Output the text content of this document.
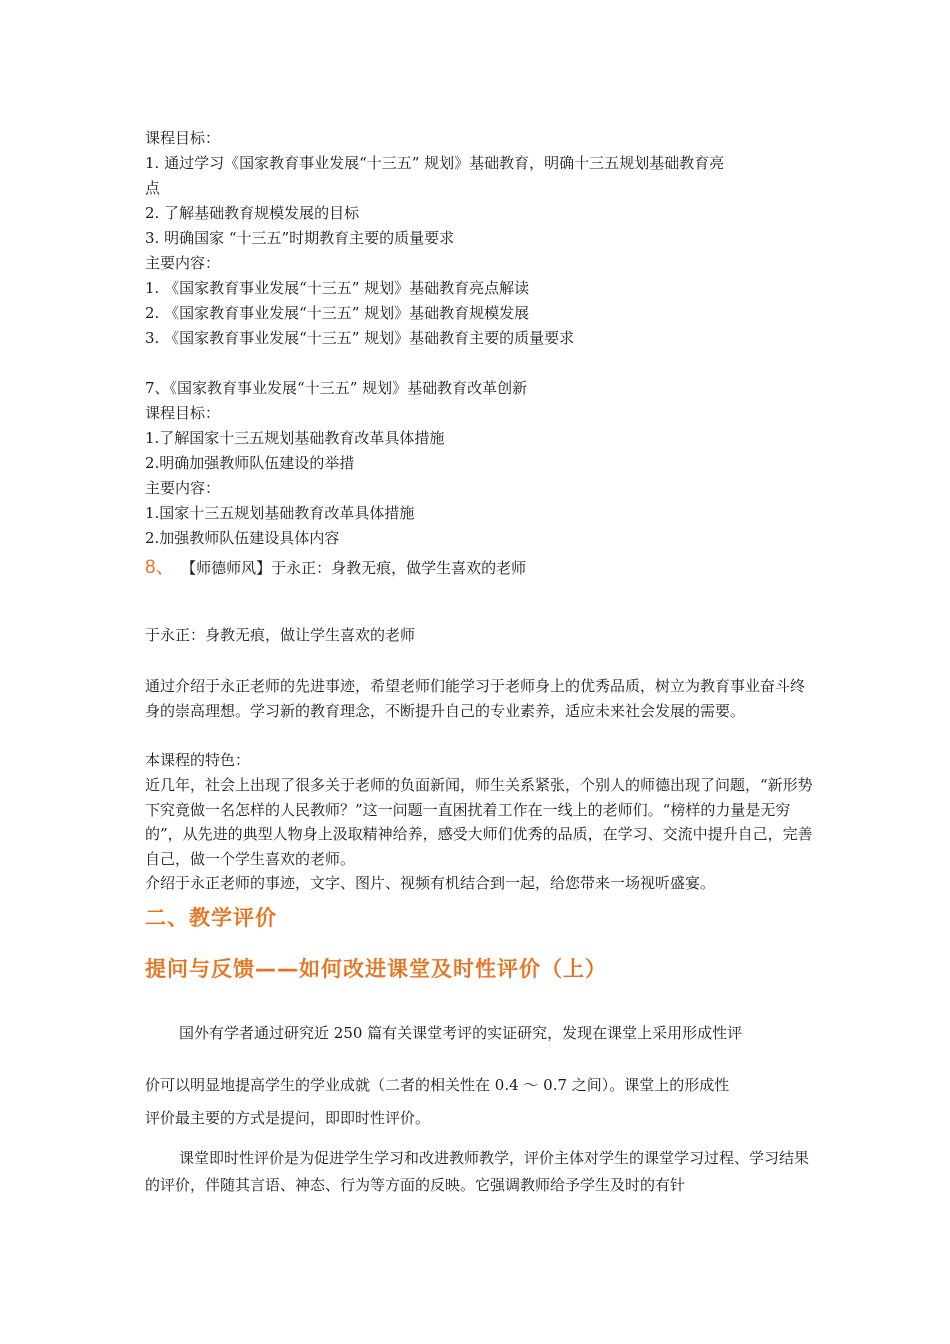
课程目标：
1. 通过学习《国家教育事业发展“十三五” 规划》基础教育，明确十三五规划基础教育亮
点
2. 了解基础教育规模发展的目标
3. 明确国家 “十三五”时期教育主要的质量要求
主要内容：
1. 《国家教育事业发展“十三五” 规划》基础教育亮点解读
2. 《国家教育事业发展“十三五” 规划》基础教育规模发展
3. 《国家教育事业发展“十三五” 规划》基础教育主要的质量要求
7、《国家教育事业发展“十三五” 规划》基础教育改革创新
课程目标：
1.了解国家十三五规划基础教育改革具体措施
2.明确加强教师队伍建设的举措
主要内容：
1.国家十三五规划基础教育改革具体措施
2.加强教师队伍建设具体内容
8、 【师德师风】于永正：身教无痕，做学生喜欢的老师
于永正：身教无痕，做让学生喜欢的老师
通过介绍于永正老师的先进事迹，希望老师们能学习于老师身上的优秀品质，树立为教育事业奋斗终身的崇高理想。学习新的教育理念，不断提升自己的专业素养，适应未来社会发展的需要。
本课程的特色：
近几年，社会上出现了很多关于老师的负面新闻，师生关系紧张，个别人的师德出现了问题，“新形势下究竟做一名怎样的人民教师？”这一问题一直困扰着工作在一线上的老师们。“榜样的力量是无穷的”，从先进的典型人物身上汲取精神给养，感受大师们优秀的品质，在学习、交流中提升自己，完善自己，做一个学生喜欢的老师。
介绍于永正老师的事迹，文字、图片、视频有机结合到一起，给您带来一场视听盛宴。
二、教学评价
提问与反馈——如何改进课堂及时性评价（上）
国外有学者通过研究近 250 篇有关课堂考评的实证研究，发现在课堂上采用形成性评
价可以明显地提高学生的学业成就（二者的相关性在 0.4 ～ 0.7 之间）。课堂上的形成性
评价最主要的方式是提问，即即时性评价。
课堂即时性评价是为促进学生学习和改进教师教学，评价主体对学生的课堂学习过程、学习结果的评价，伴随其言语、神态、行为等方面的反映。它强调教师给予学生及时的有针
